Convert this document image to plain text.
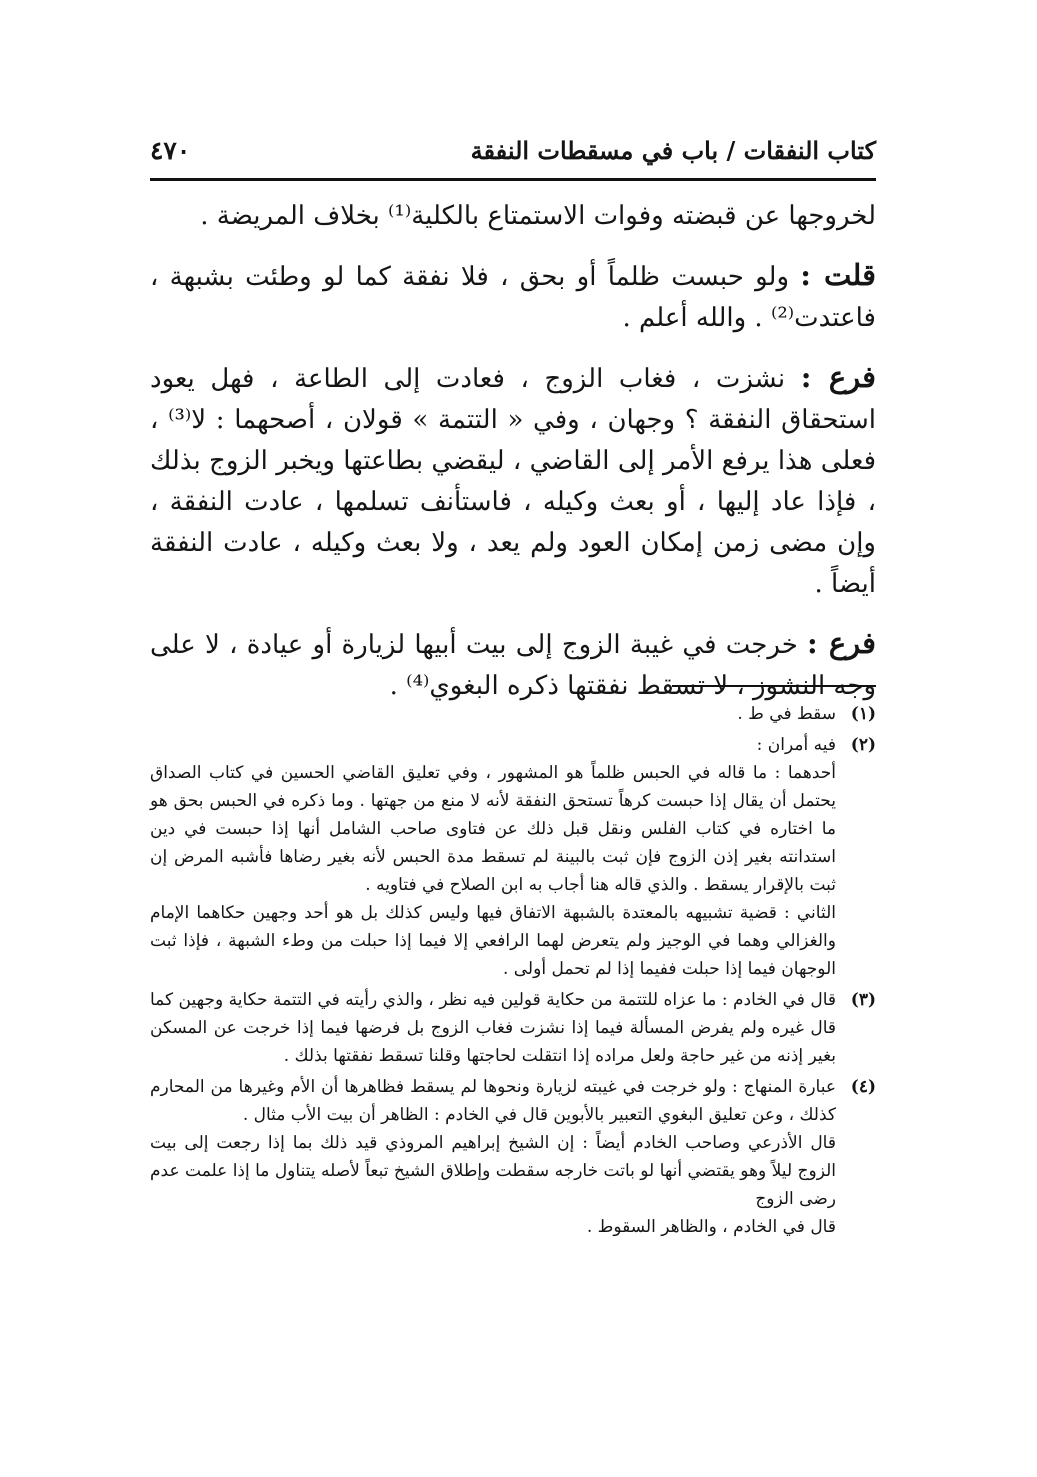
كتاب النفقات / باب في مسقطات النفقة
٤٧٠

لخروجها عن قبضته وفوات الاستمتاع بالكلية⁽¹⁾ بخلاف المريضة .

قلت : ولو حبست ظلماً أو بحق ، فلا نفقة كما لو وطئت بشبهة ، فاعتدت⁽²⁾ . والله أعلم .

فرع : نشزت ، فغاب الزوج ، فعادت إلى الطاعة ، فهل يعود استحقاق النفقة ؟ وجهان ، وفي « التتمة » قولان ، أصحهما : لا⁽³⁾ ، فعلى هذا يرفع الأمر إلى القاضي ، ليقضي بطاعتها ويخبر الزوج بذلك ، فإذا عاد إليها ، أو بعث وكيله ، فاستأنف تسلمها ، عادت النفقة ، وإن مضى زمن إمكان العود ولم يعد ، ولا بعث وكيله ، عادت النفقة أيضاً .

فرع : خرجت في غيبة الزوج إلى بيت أبيها لزيارة أو عيادة ، لا على وجه النشوز ، لا تسقط نفقتها ذكره البغوي⁽⁴⁾ .

(١)

سقط في ط .

(٢)

فيه أمران :

أحدهما : ما قاله في الحبس ظلماً هو المشهور ، وفي تعليق القاضي الحسين في كتاب الصداق يحتمل أن يقال إذا حبست كرهاً تستحق النفقة لأنه لا منع من جهتها . وما ذكره في الحبس بحق هو ما اختاره في كتاب الفلس ونقل قبل ذلك عن فتاوى صاحب الشامل أنها إذا حبست في دين استدانته بغير إذن الزوج فإن ثبت بالبينة لم تسقط مدة الحبس لأنه بغير رضاها فأشبه المرض إن ثبت بالإقرار يسقط . والذي قاله هنا أجاب به ابن الصلاح في فتاويه .

الثاني : قضية تشبيهه بالمعتدة بالشبهة الاتفاق فيها وليس كذلك بل هو أحد وجهين حكاهما الإمام والغزالي وهما في الوجيز ولم يتعرض لهما الرافعي إلا فيما إذا حبلت من وطء الشبهة ، فإذا ثبت الوجهان فيما إذا حبلت ففيما إذا لم تحمل أولى .

(٣)

قال في الخادم : ما عزاه للتتمة من حكاية قولين فيه نظر ، والذي رأيته في التتمة حكاية وجهين كما قال غيره ولم يفرض المسألة فيما إذا نشزت فغاب الزوج بل فرضها فيما إذا خرجت عن المسكن بغير إذنه من غير حاجة ولعل مراده إذا انتقلت لحاجتها وقلنا تسقط نفقتها بذلك .

(٤)

عبارة المنهاج : ولو خرجت في غيبته لزيارة ونحوها لم يسقط فظاهرها أن الأم وغيرها من المحارم كذلك ، وعن تعليق البغوي التعبير بالأبوين قال في الخادم : الظاهر أن بيت الأب مثال .

قال الأذرعي وصاحب الخادم أيضاً : إن الشيخ إبراهيم المروذي قيد ذلك بما إذا رجعت إلى بيت الزوج ليلاً وهو يقتضي أنها لو باتت خارجه سقطت وإطلاق الشيخ تبعاً لأصله يتناول ما إذا علمت عدم رضى الزوج

قال في الخادم ، والظاهر السقوط .
